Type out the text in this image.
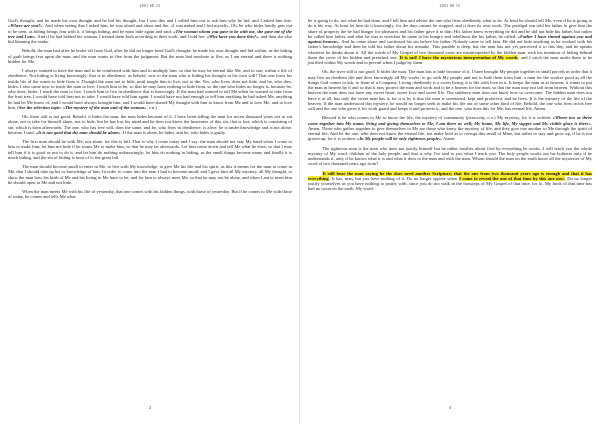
2001 SE 15

God's thought, and he made his own thought and he hid his thought, but I saw this and I called him out to ask him why he hid, and I asked him this: «Where are you?». And when seeing that I asked him, he was afraid and alone and the: «I was naked and I hid myself». Oh, he who hides hardly gets out to be seen, as hiding brings fear with it, it brings hiding, and he must hide again and said: «The woman whom you gave to be with me, she gave me of the tree and I ate». And if he had behind his woman, I treated them both according to their work, and I told her: «Why have you done this?», and then she also hid blaming the snake.

Behold, the man had after he broke off from God, after he did no longer heed God's thought; he made his own thought and hid within, as the hiding of guilt brings fear upon the man, and the man wants to flee from the judgment. But the man had nowhere to flee, as I am eternal and there is nothing hidden for Me.

I always wanted to have the man and to be comforted with him and to multiply him, so that he may be eternal like Me, and to stay within a life of obedience. Not hiding is living knowingly; that is in obedience, as behold, woe to the man who is hiding his thought in his own will! That one loses his inside life of the wants to hide from it. Thought the man not to hide, until taught him to live, not to die. Yes, who lives, does not hide, and he, who dies, hides. I also came now to teach the man to live; I teach him to be, so that he may have nothing to hide from, so the one who hides no longer is, because he, who does, hides. I teach the man to live. I teach him to live in obedience that is knowingly. If the man had wanted to tell Me when he wanted to take from the fruit tree, I would have told him not to take; I would have told him again. I would have not had enough to tell him anything he had asked Me, anything he had let Me know of, and I would have always brought him, and I would have shared My thought with him to know from Me and to love Me, and to love him. (See the selection topic: «The mystery of the man and of the woman», e.n.)

Oh, there still is not good. Behold, it hides the man, the man hides because of it. I have been telling the man for seven thousand years not to eat alone, not to take for himself alone, not to hide, but he has lost his mind and he does not know the heaviness of this sin, that is lost, which is consisting of sin, which is born afterwards. The one, who has free will, does the same, and he, who lives in obedience, is alive; he is under knowledge and is not alone, because I said: «It is not good that the man should be alone». If the man is alone, he hides, and he, who hides is guilty.

The first man should be with Me, not alone, for this is full. That is why I come today and I say: the man should not stay My hand when I come to him to make him; let him not hide if he wants Me to make him, so that he may be afterwards. Let him come down and tell Me what he does, so that I may tell him if it is good or not to do it, and let him do nothing unknowingly; let him do nothing in hiding, as the small things become many and finally it is much hiding, and the sin of hiding is born of it; the great fall.

The man should become small to enter in Me, to live with My knowledge, to give Me his life and his spirit, as this it means for the man to come in Me, that I should take up his or knowledge of him. In order to come into the man I had to become small, and I gave him all My mystery, all My thought, to show the man how his birth of Me and his living to Me have to be, and for him to always meet Me, so that he may not be alone, and when I am to meet him he should open to Me and not hide.

When the man meets Me with his life of yesterday, that one comes with his hidden things, with those of yesterday. But if he comes to Me with those of today, he comes and tells Me what

2
2001 SE 15

he is going to do, not what he had done, and I tell him and advise the one who lives obediently what to do. At least he should tell Me, even if he is going to do it his way. At least let him do it knowingly, for the days cannot be stopped, and it does its own work. The prodigal son told his father to give him the share of property the he had hunger for pleasures and his father gave it to him. His father knew everything he did and he did not hide his father, but rather he called him father, and after he was at wretches he came to his hungry and rebellious the his father, he called: «Father I have sinned against you and against heaven». And he came alone and confessed his sin before his father. Nobody came to tell him. He did not hide anything as he worked with his father's knowledge and then he told his father about his mistake. This parable is deep, but the man has not yet perceived it to this day, and he speaks whatever he thinks about it. All the words of My Gospel of two thousand years are misinterpreted by the hidden man, with his intention of hiding behind them the cover of his hidden and preached one. It is sad! I have the mysterious interpretation of My words, and I catch the man under them to be justified within My words and to prevail when I judge by them.

Oh, the river still is not good. It hides the man. The man has to hide because of it. I have brought My people together in small parcels in order that it may live an obedient life and does knowingly all My works, to go with My people and not to hide them from him, a man for the worker good as all the things God comes to ask, to learn of a Company. Living obediently is a sweet living; it is life with love in it. It keeps the man in as heaven, it wants to put the man in heaven by it and so that it may protect the man and work and to be a heaven for the man, so that the man may not fall from heaven. Without this heaven the man does not have any sweet heart, sweet love and sweet life. The stubborn man does not know how to overcome. The hidden man does not have it at all, but only the sweet man has it, for it is by it that the man is sweetened, kept and protected, and he lives. It is the mystery of the life of the heaven. If the man understood this mystery, he would no longer seek to make his life out of some other kind of life. Behold, the one who lives in his free will and the one who gives it for work guard and keeps it and protects it, and the one, who does this for Me, has eternal life. Amen.

Blessed is he who comes to Me to know the life, the mystery of community (pessoenty, e.n.) My mystery, for it is written: «Where two or three come together into My name, living and giving themselves to Me, I am there as well; My home, My life, My supper and My visible glory is there». Amen. Those who gather together to give themselves to Me are those who know the mystery of life, and they give one another to Me through the spirit of eternal life. And let the one, who does not know the eternal life, not make bold as to corrupt this small of Mine, but rather to stay and grow up, if he is not grown up, for it is written: «In My people will be only righteous people». Amen.

The righteous man is the man who does not justify himself but he rather testifies about God by everything he works. I will teach you the whole mystery of My word, children of the holy people, and that is why I've said to you what I teach you. The holy people works out his holiness only if he understands it, only if he knows what it is and what it does to the man and with the man. Whom should the man on the earth know all the mysteries of My word of two thousand years ago from?

It still hear the man saying he the does need another Scripture; that the one from two thousand years ago is enough and that it has everything. It has, man, but you have nothing of it. Do no longer oppose when I come to reveal the one of that time by this one now. Do no longer justify yourselves as you have nothing to justify with, since you do not walk in the footsteps of My Gospel of that time, for lo, My book of that time has had no room on the earth. My word,

3
